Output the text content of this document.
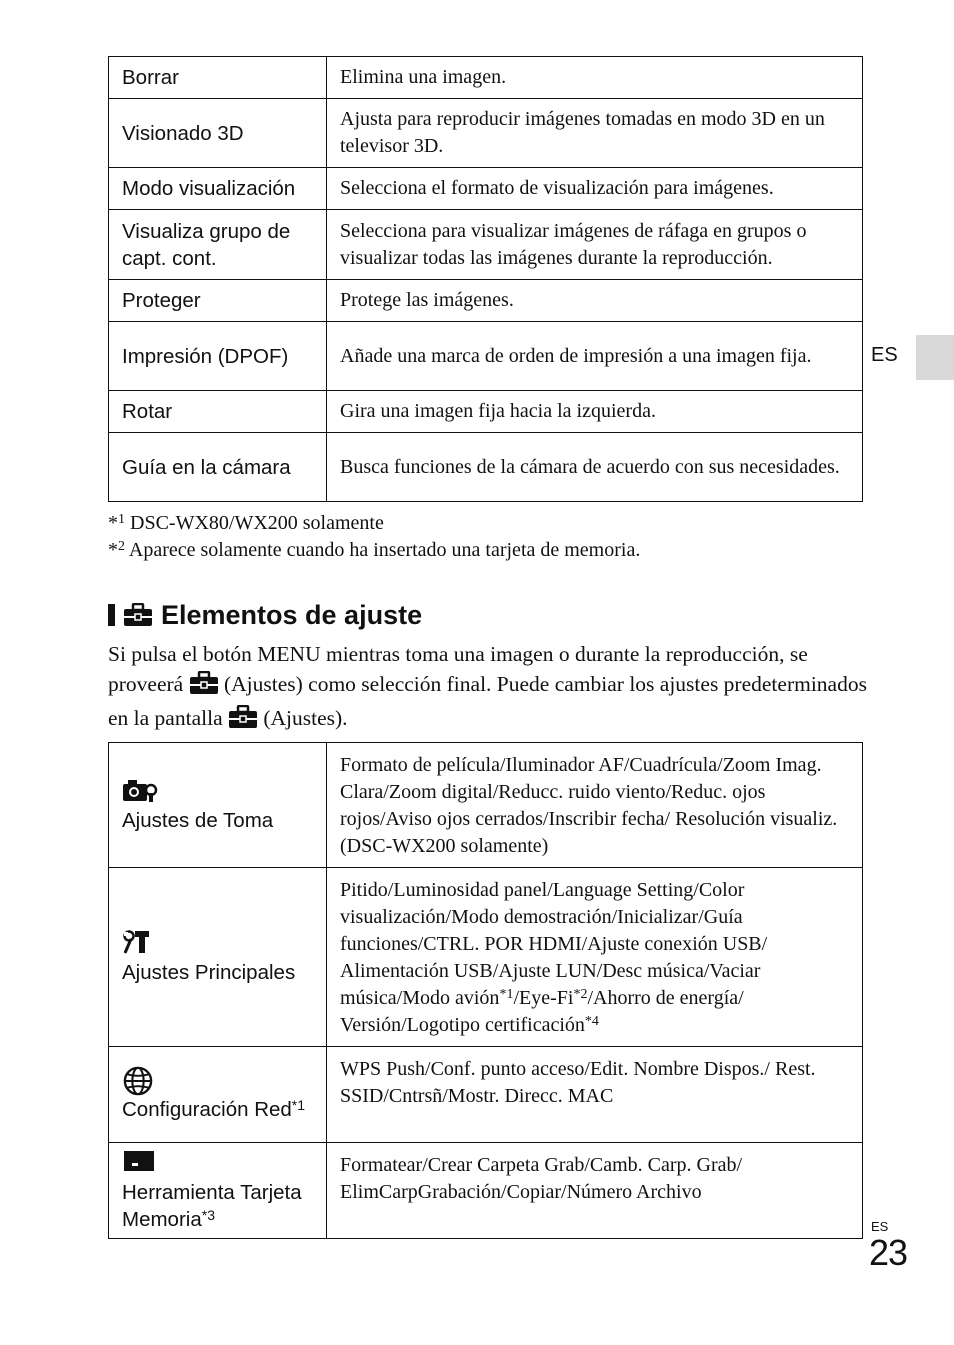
Borrar	Elimina una imagen.
Visionado 3D	Ajusta para reproducir imágenes tomadas en modo 3D en un televisor 3D.
Modo visualización	Selecciona el formato de visualización para imágenes.
Visualiza grupo de capt. cont.	Selecciona para visualizar imágenes de ráfaga en grupos o visualizar todas las imágenes durante la reproducción.
Proteger	Protege las imágenes.
Impresión (DPOF)	Añade una marca de orden de impresión a una imagen fija.
Rotar	Gira una imagen fija hacia la izquierda.
Guía en la cámara	Busca funciones de la cámara de acuerdo con sus necesidades.
*$^1$ DSC-WX80/WX200 solamente
*$^2$ Aparece solamente cuando ha insertado una tarjeta de memoria.
Elementos de ajuste
Si pulsa el botón MENU mientras toma una imagen o durante la reproducción, se proveerá  (Ajustes) como selección final. Puede cambiar los ajustes predeterminados en la pantalla  (Ajustes).
Ajustes de Toma	Formato de película/Iluminador AF/Cuadrícula/Zoom Imag. Clara/Zoom digital/Reducc. ruido viento/Reduc. ojos rojos/Aviso ojos cerrados/Inscribir fecha/ Resolución visualiz. (DSC-WX200 solamente)

Ajustes Principales	Pitido/Luminosidad panel/Language Setting/Color visualización/Modo demostración/Inicializar/Guía funciones/CTRL. POR HDMI/Ajuste conexión USB/ Alimentación USB/Ajuste LUN/Desc música/Vaciar música/Modo avión$^{*1}$/Eye-Fi$^{*2}$/Ahorro de energía/ Versión/Logotipo certificación$^{*4}$

Configuración Red$^{*1}$	WPS Push/Conf. punto acceso/Edit. Nombre Dispos./ Rest. SSID/Cntrsñ/Mostr. Direcc. MAC

Herramienta Tarjeta Memoria$^{*3}$	Formatear/Crear Carpeta Grab/Camb. Carp. Grab/ ElimCarpGrabación/Copiar/Número Archivo
ES
ES
23
